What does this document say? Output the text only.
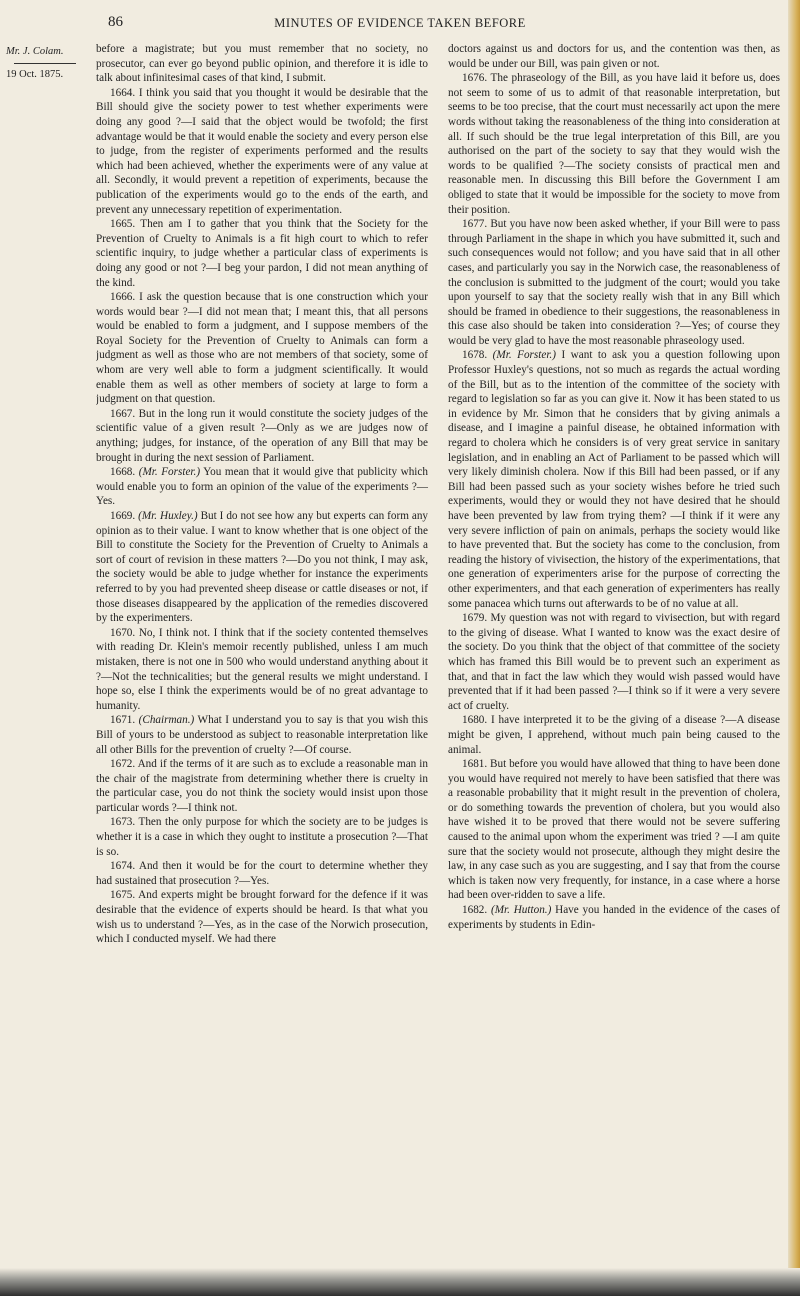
86	MINUTES OF EVIDENCE TAKEN BEFORE
Mr. J. Colam.
19 Oct. 1875.

before a magistrate; but you must remember that no society, no prosecutor, can ever go beyond public opinion, and therefore it is idle to talk about infinitesimal cases of that kind, I submit.

1664. I think you said that you thought it would be desirable that the Bill should give the society power to test whether experiments were doing any good ?—I said that the object would be twofold; the first advantage would be that it would enable the society and every person else to judge, from the register of experiments performed and the results which had been achieved, whether the experiments were of any value at all. Secondly, it would prevent a repetition of experiments, because the publication of the experiments would go to the ends of the earth, and prevent any unnecessary repetition of experimentation.

1665. Then am I to gather that you think that the Society for the Prevention of Cruelty to Animals is a fit high court to which to refer scientific inquiry, to judge whether a particular class of experiments is doing any good or not ?—I beg your pardon, I did not mean anything of the kind.

1666. I ask the question because that is one construction which your words would bear ?—I did not mean that; I meant this, that all persons would be enabled to form a judgment, and I suppose members of the Royal Society for the Prevention of Cruelty to Animals can form a judgment as well as those who are not members of that society, some of whom are very well able to form a judgment scientifically. It would enable them as well as other members of society at large to form a judgment on that question.

1667. But in the long run it would constitute the society judges of the scientific value of a given result ?—Only as we are judges now of anything; judges, for instance, of the operation of any Bill that may be brought in during the next session of Parliament.

1668. (Mr. Forster.) You mean that it would give that publicity which would enable you to form an opinion of the value of the experiments ?—Yes.

1669. (Mr. Huxley.) But I do not see how any but experts can form any opinion as to their value. I want to know whether that is one object of the Bill to constitute the Society for the Prevention of Cruelty to Animals a sort of court of revision in these matters ?—Do you not think, I may ask, the society would be able to judge whether for instance the experiments referred to by you had prevented sheep disease or cattle diseases or not, if those diseases disappeared by the application of the remedies discovered by the experimenters.

1670. No, I think not. I think that if the society contented themselves with reading Dr. Klein's memoir recently published, unless I am much mistaken, there is not one in 500 who would understand anything about it ?—Not the technicalities; but the general results we might understand. I hope so, else I think the experiments would be of no great advantage to humanity.

1671. (Chairman.) What I understand you to say is that you wish this Bill of yours to be understood as subject to reasonable interpretation like all other Bills for the prevention of cruelty ?—Of course.

1672. And if the terms of it are such as to exclude a reasonable man in the chair of the magistrate from determining whether there is cruelty in the particular case, you do not think the society would insist upon those particular words ?—I think not.

1673. Then the only purpose for which the society are to be judges is whether it is a case in which they ought to institute a prosecution ?—That is so.

1674. And then it would be for the court to determine whether they had sustained that prosecution ?—Yes.

1675. And experts might be brought forward for the defence if it was desirable that the evidence of experts should be heard. Is that what you wish us to understand ?—Yes, as in the case of the Norwich prosecution, which I conducted myself. We had there

doctors against us and doctors for us, and the contention was then, as would be under our Bill, was pain given or not.

1676. The phraseology of the Bill, as you have laid it before us, does not seem to some of us to admit of that reasonable interpretation, but seems to be too precise, that the court must necessarily act upon the mere words without taking the reasonableness of the thing into consideration at all. If such should be the true legal interpretation of this Bill, are you authorised on the part of the society to say that they would wish the words to be qualified ?—The society consists of practical men and reasonable men. In discussing this Bill before the Government I am obliged to state that it would be impossible for the society to move from their position.

1677. But you have now been asked whether, if your Bill were to pass through Parliament in the shape in which you have submitted it, such and such consequences would not follow; and you have said that in all other cases, and particularly you say in the Norwich case, the reasonableness of the conclusion is submitted to the judgment of the court; would you take upon yourself to say that the society really wish that in any Bill which should be framed in obedience to their suggestions, the reasonableness in this case also should be taken into consideration ?—Yes; of course they would be very glad to have the most reasonable phraseology used.

1678. (Mr. Forster.) I want to ask you a question following upon Professor Huxley's questions, not so much as regards the actual wording of the Bill, but as to the intention of the committee of the society with regard to legislation so far as you can give it. Now it has been stated to us in evidence by Mr. Simon that he considers that by giving animals a disease, and I imagine a painful disease, he obtained information with regard to cholera which he considers is of very great service in sanitary legislation, and in enabling an Act of Parliament to be passed which will very likely diminish cholera. Now if this Bill had been passed, or if any Bill had been passed such as your society wishes before he tried such experiments, would they or would they not have desired that he should have been prevented by law from trying them? —I think if it were any very severe infliction of pain on animals, perhaps the society would like to have prevented that. But the society has come to the conclusion, from reading the history of vivisection, the history of the experimentations, that one generation of experimenters arise for the purpose of correcting the other experimenters, and that each generation of experimenters has really some panacea which turns out afterwards to be of no value at all.

1679. My question was not with regard to vivisection, but with regard to the giving of disease. What I wanted to know was the exact desire of the society. Do you think that the object of that committee of the society which has framed this Bill would be to prevent such an experiment as that, and that in fact the law which they would wish passed would have prevented that if it had been passed ?—I think so if it were a very severe act of cruelty.

1680. I have interpreted it to be the giving of a disease ?—A disease might be given, I apprehend, without much pain being caused to the animal.

1681. But before you would have allowed that thing to have been done you would have required not merely to have been satisfied that there was a reasonable probability that it might result in the prevention of cholera, or do something towards the prevention of cholera, but you would also have wished it to be proved that there would not be severe suffering caused to the animal upon whom the experiment was tried ? —I am quite sure that the society would not prosecute, although they might desire the law, in any case such as you are suggesting, and I say that from the course which is taken now very frequently, for instance, in a case where a horse had been over-ridden to save a life.

1682. (Mr. Hutton.) Have you handed in the evidence of the cases of experiments by students in Edin-
